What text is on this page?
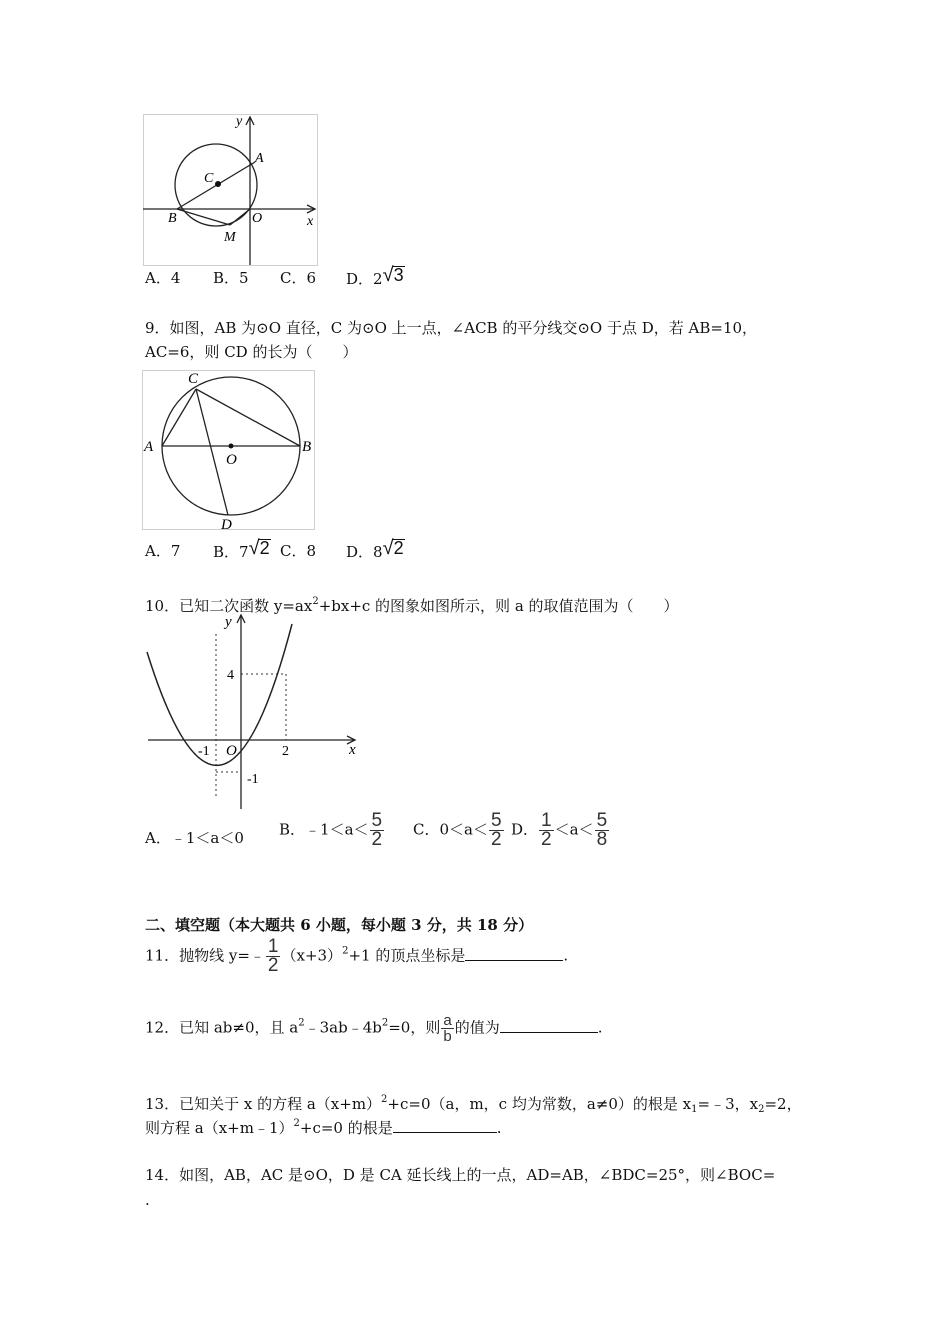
y
x
A
C
B	O
M
A．4 B．5 C．6 D．2√3
9．如图，AB 为⊙O 直径，C 为⊙O 上一点，∠ACB 的平分线交⊙O 于点 D，若 AB=10，
AC=6，则 CD 的长为（　　）
C
A
O
B
D
A．7 B．7√2 C．8 D．8√2
10．已知二次函数 $y=ax^2+bx+c$ 的图象如图所示，则 a 的取值范围为（　　）
y
x
O
-1	2
4
-1
A．﹣1＜a＜0 B．﹣1＜a＜ $\frac{5}{2}$ C．$0<a< \frac{5}{2}$ D． $\frac{1}{2} <a< \frac{5}{8}$
二、填空题（本大题共 6 小题，每小题 3 分，共 18 分）
11．抛物线 y=﹣ $\frac{1}{2} (x+3)^2+1$ 的顶点坐标是	.
12．已知 ab≠0，且 $a^2﹣3ab﹣4b^2=0$，则 $\frac{a}{b}$ 的值为	.
13．已知关于 x 的方程 $a(x+m)^2+c=0(a$，m，c 均为常数，a≠0）的根是 $x_1=﹣3$，$x_2=2$，
则方程 a（x+m﹣1）$^2$+c=0 的根是	.
14．如图，AB，AC 是⊙O，D 是 CA 延长线上的一点，AD=AB，∠BDC=25°，则∠BOC=
.
